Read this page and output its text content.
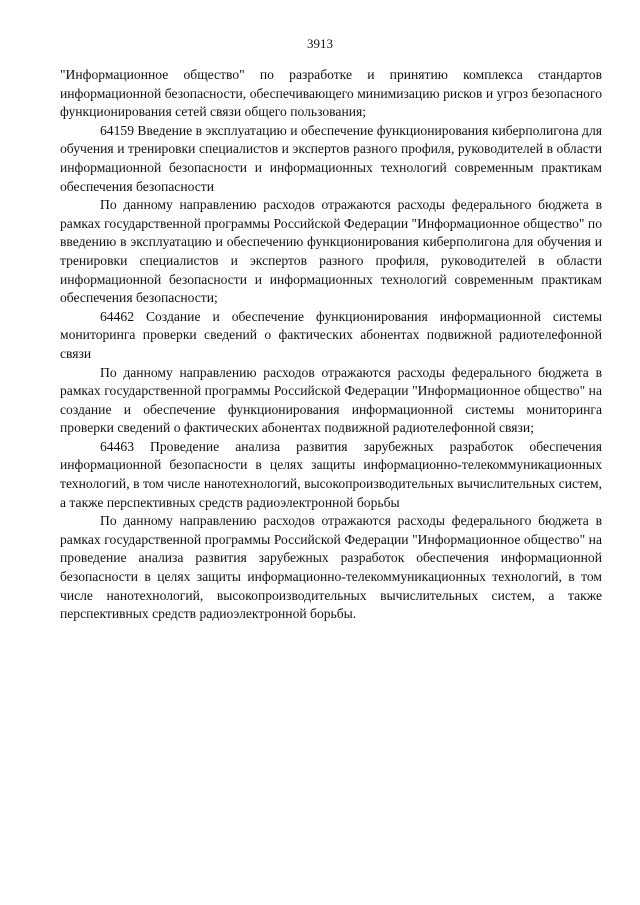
3913

"Информационное общество" по разработке и принятию комплекса стандартов информационной безопасности, обеспечивающего минимизацию рисков и угроз безопасного функционирования сетей связи общего пользования;

64159 Введение в эксплуатацию и обеспечение функционирования киберполигона для обучения и тренировки специалистов и экспертов разного профиля, руководителей в области информационной безопасности и информационных технологий современным практикам обеспечения безопасности

По данному направлению расходов отражаются расходы федерального бюджета в рамках государственной программы Российской Федерации "Информационное общество" по введению в эксплуатацию и обеспечению функционирования киберполигона для обучения и тренировки специалистов и экспертов разного профиля, руководителей в области информационной безопасности и информационных технологий современным практикам обеспечения безопасности;

64462 Создание и обеспечение функционирования информационной системы мониторинга проверки сведений о фактических абонентах подвижной радиотелефонной связи

По данному направлению расходов отражаются расходы федерального бюджета в рамках государственной программы Российской Федерации "Информационное общество" на создание и обеспечение функционирования информационной системы мониторинга проверки сведений о фактических абонентах подвижной радиотелефонной связи;

64463 Проведение анализа развития зарубежных разработок обеспечения информационной безопасности в целях защиты информационно-телекоммуникационных технологий, в том числе нанотехнологий, высокопроизводительных вычислительных систем, а также перспективных средств радиоэлектронной борьбы

По данному направлению расходов отражаются расходы федерального бюджета в рамках государственной программы Российской Федерации "Информационное общество" на проведение анализа развития зарубежных разработок обеспечения информационной безопасности в целях защиты информационно-телекоммуникационных технологий, в том числе нанотехнологий, высокопроизводительных вычислительных систем, а также перспективных средств радиоэлектронной борьбы.
